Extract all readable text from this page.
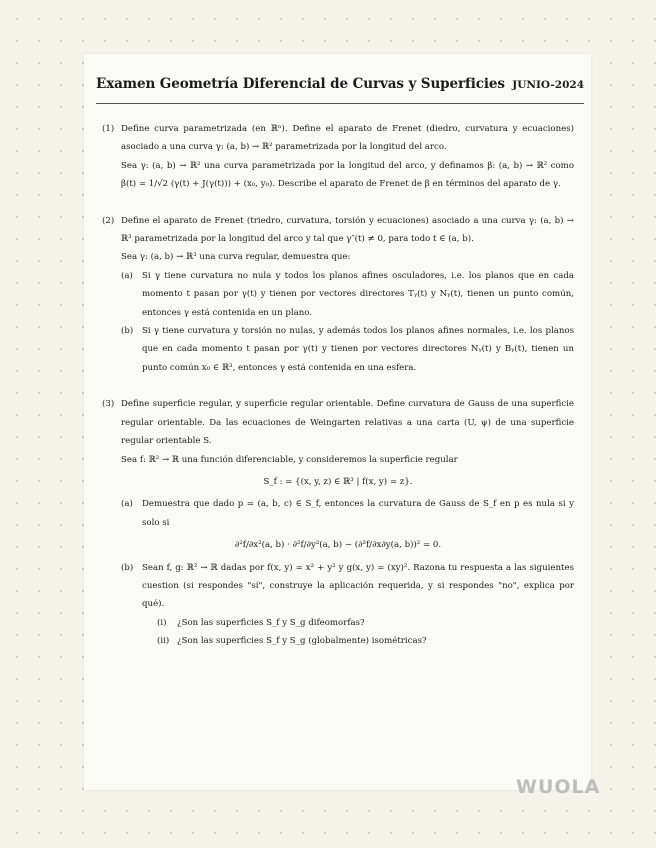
Examen Geometría Diferencial de Curvas y Superficies JUNIO-2024

(1) Define curva parametrizada (en ℝⁿ). Define el aparato de Frenet (diedro, curvatura y ecuaciones) asociado a una curva γ: (a, b) → ℝ² parametrizada por la longitud del arco.

Sea γ: (a, b) → ℝ² una curva parametrizada por la longitud del arco, y definamos β: (a, b) → ℝ² como β(t) = 1/√2 (γ(t) + J(γ(t))) + (x₀, y₀). Describe el aparato de Frenet de β en términos del aparato de γ.

(2) Define el aparato de Frenet (triedro, curvatura, torsión y ecuaciones) asociado a una curva γ: (a, b) → ℝ³ parametrizada por la longitud del arco y tal que γ″(t) ≠ 0, para todo t ∈ (a, b).

Sea γ: (a, b) → ℝ³ una curva regular, demuestra que:

(a) Si γ tiene curvatura no nula y todos los planos afines osculadores, i.e. los planos que en cada momento t pasan por γ(t) y tienen por vectores directores Tᵧ(t) y Nᵧ(t), tienen un punto común, entonces γ está contenida en un plano.

(b) Si γ tiene curvatura y torsión no nulas, y además todos los planos afines normales, i.e. los planos que en cada momento t pasan por γ(t) y tienen por vectores directores Nᵧ(t) y Bᵧ(t), tienen un punto común x₀ ∈ ℝ³, entonces γ está contenida en una esfera.

(3) Define superficie regular, y superficie regular orientable. Define curvatura de Gauss de una superficie regular orientable. Da las ecuaciones de Weingarten relativas a una carta (U, ψ) de una superficie regular orientable S.

Sea f: ℝ² → ℝ una función diferenciable, y consideremos la superficie regular

S_f : = {(x, y, z) ∈ ℝ³ | f(x, y) = z}.

(a) Demuestra que dado p = (a, b, c) ∈ S_f, entonces la curvatura de Gauss de S_f en p es nula si y solo si

∂²f/∂x²(a, b) · ∂²f/∂y²(a, b) − (∂²f/∂x∂y(a, b))² = 0.

(b) Sean f, g: ℝ² → ℝ dadas por f(x, y) = x² + y² y g(x, y) = (xy)². Razona tu respuesta a las siguientes cuestion (si respondes "sí", construye la aplicación requerida, y si respondes "no", explica por qué).

(i) ¿Son las superficies S_f y S_g difeomorfas?

(ii) ¿Son las superficies S_f y S_g (globalmente) isométricas?

WUOLA
